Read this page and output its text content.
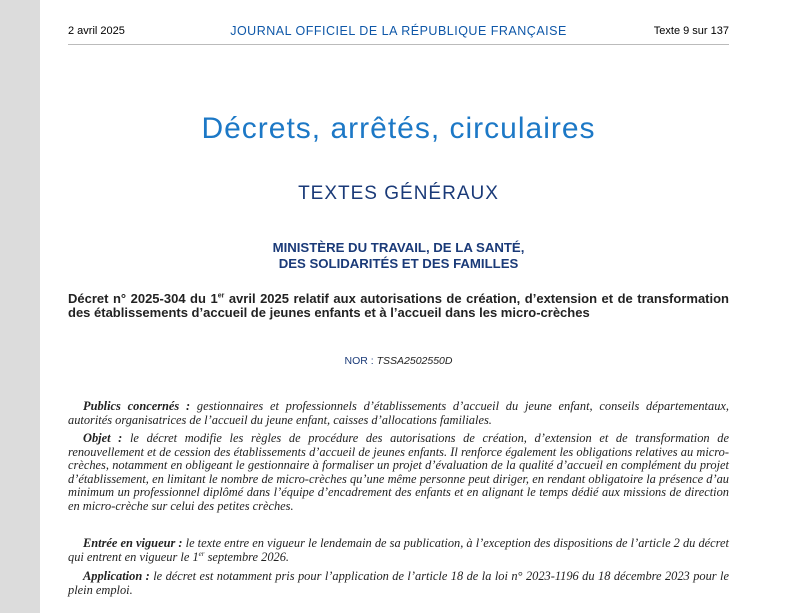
2 avril 2025	JOURNAL OFFICIEL DE LA RÉPUBLIQUE FRANÇAISE	Texte 9 sur 137
Décrets, arrêtés, circulaires
TEXTES GÉNÉRAUX
MINISTÈRE DU TRAVAIL, DE LA SANTÉ,
DES SOLIDARITÉS ET DES FAMILLES
Décret n° 2025-304 du 1er avril 2025 relatif aux autorisations de création, d’extension et de transformation des établissements d’accueil de jeunes enfants et à l’accueil dans les micro-crèches
NOR : TSSA2502550D
Publics concernés : gestionnaires et professionnels d’établissements d’accueil du jeune enfant, conseils départementaux, autorités organisatrices de l’accueil du jeune enfant, caisses d’allocations familiales.
Objet : le décret modifie les règles de procédure des autorisations de création, d’extension et de transformation de renouvellement et de cession des établissements d’accueil de jeunes enfants. Il renforce également les obligations relatives au micro-crèches, notamment en obligeant le gestionnaire à formaliser un projet d’évaluation de la qualité d’accueil en complément du projet d’établissement, en limitant le nombre de micro-crèches qu’une même personne peut diriger, en rendant obligatoire la présence d’au minimum un professionnel diplômé dans l’équipe d’encadrement des enfants et en alignant le temps dédié aux missions de direction en micro-crèche sur celui des petites crèches.
Entrée en vigueur : le texte entre en vigueur le lendemain de sa publication, à l’exception des dispositions de l’article 2 du décret qui entrent en vigueur le 1er septembre 2026.
Application : le décret est notamment pris pour l’application de l’article 18 de la loi n° 2023-1196 du 18 décembre 2023 pour le plein emploi.
